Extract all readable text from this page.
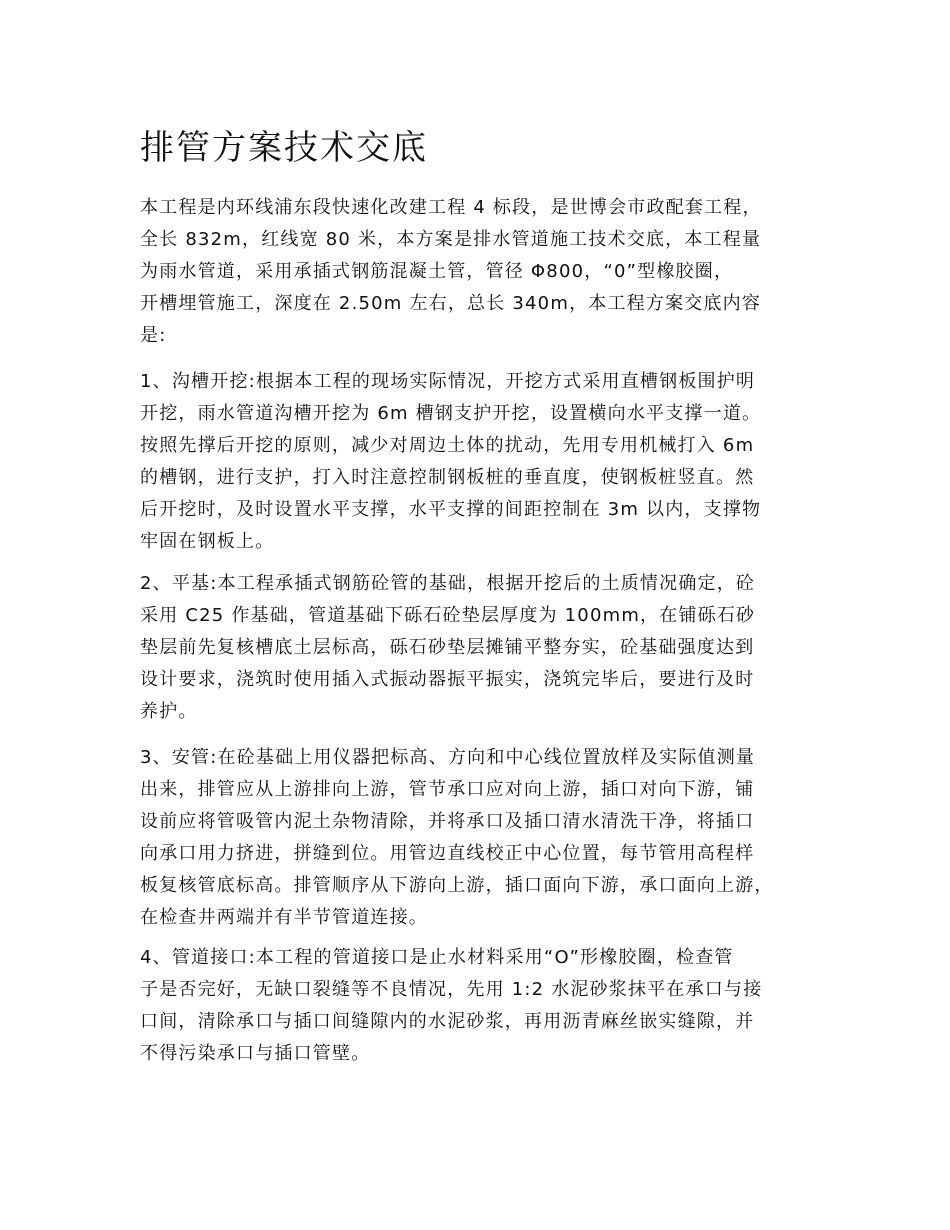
排管方案技术交底
本工程是内环线浦东段快速化改建工程 4 标段，是世博会市政配套工程，
全长 832m，红线宽 80 米，本方案是排水管道施工技术交底，本工程量
为雨水管道，采用承插式钢筋混凝土管，管径 Φ800，“0”型橡胶圈，
开槽埋管施工，深度在 2.50m 左右，总长 340m，本工程方案交底内容
是:
1、沟槽开挖:根据本工程的现场实际情况，开挖方式采用直槽钢板围护明
开挖，雨水管道沟槽开挖为 6m 槽钢支护开挖，设置横向水平支撑一道。
按照先撑后开挖的原则，减少对周边土体的扰动，先用专用机械打入 6m
的槽钢，进行支护，打入时注意控制钢板桩的垂直度，使钢板桩竖直。然
后开挖时，及时设置水平支撑，水平支撑的间距控制在 3m 以内，支撑物
牢固在钢板上。
2、平基:本工程承插式钢筋砼管的基础，根据开挖后的土质情况确定，砼
采用 C25 作基础，管道基础下砾石砼垫层厚度为 100mm，在铺砾石砂
垫层前先复核槽底土层标高，砾石砂垫层摊铺平整夯实，砼基础强度达到
设计要求，浇筑时使用插入式振动器振平振实，浇筑完毕后，要进行及时
养护。
3、安管:在砼基础上用仪器把标高、方向和中心线位置放样及实际值测量
出来，排管应从上游排向上游，管节承口应对向上游，插口对向下游，铺
设前应将管吸管内泥土杂物清除，并将承口及插口清水清洗干净，将插口
向承口用力挤进，拼缝到位。用管边直线校正中心位置，每节管用高程样
板复核管底标高。排管顺序从下游向上游，插口面向下游，承口面向上游，
在检查井两端并有半节管道连接。
4、管道接口:本工程的管道接口是止水材料采用“O”形橡胶圈，检查管
子是否完好，无缺口裂缝等不良情况，先用 1:2 水泥砂浆抹平在承口与接
口间，清除承口与插口间缝隙内的水泥砂浆，再用沥青麻丝嵌实缝隙，并
不得污染承口与插口管壁。
